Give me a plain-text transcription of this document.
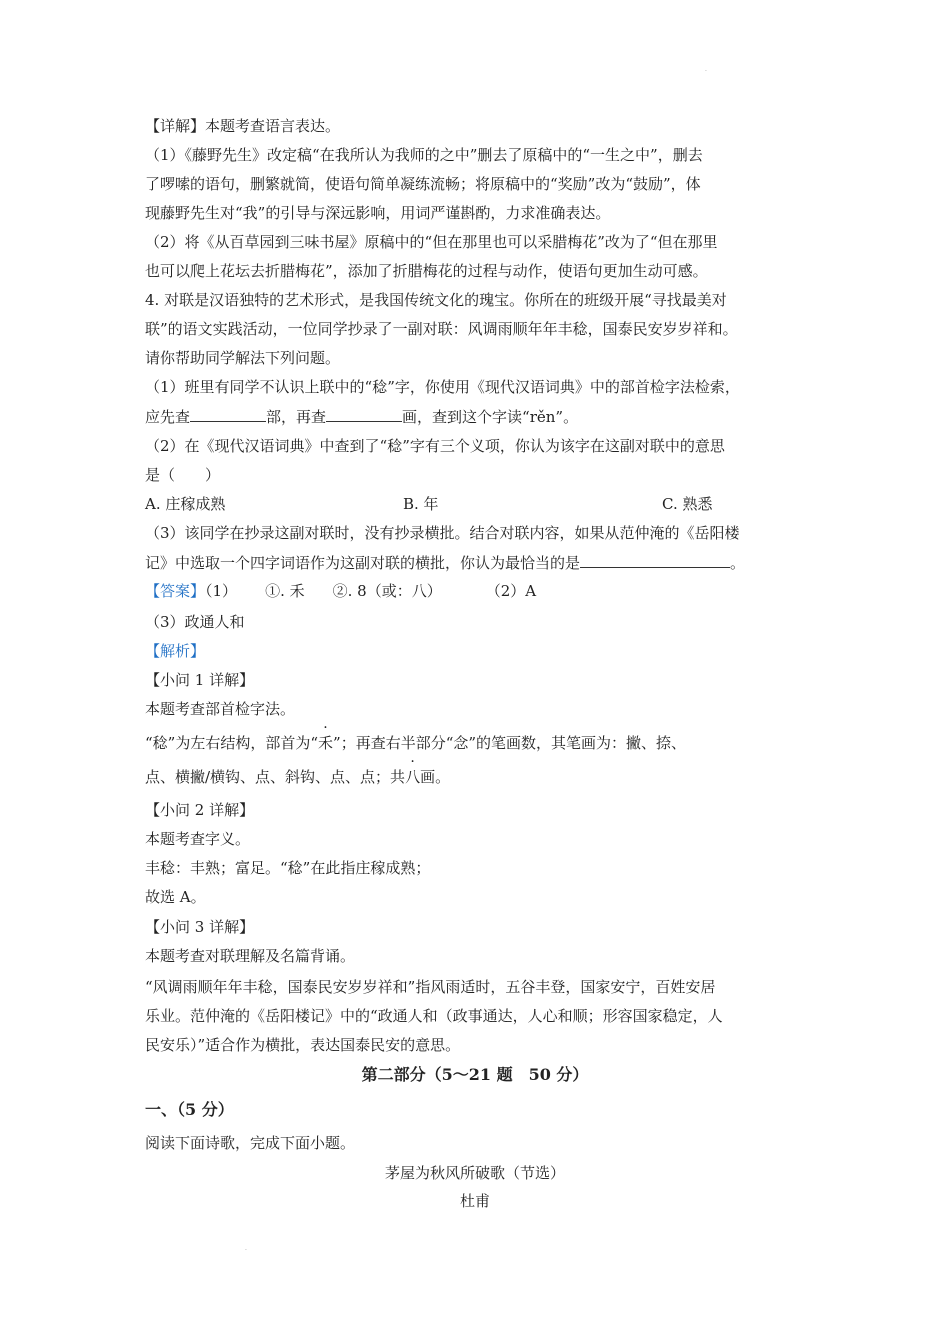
【详解】本题考查语言表达。
（1）《藤野先生》改定稿“在我所认为我师的之中”删去了原稿中的“一生之中”，删去
了啰嗦的语句，删繁就简，使语句简单凝练流畅；将原稿中的“奖励”改为“鼓励”，体
现藤野先生对“我”的引导与深远影响，用词严谨斟酌，力求准确表达。
（2）将《从百草园到三味书屋》原稿中的“但在那里也可以采腊梅花”改为了“但在那里
也可以爬上花坛去折腊梅花”，添加了折腊梅花的过程与动作，使语句更加生动可感。
4. 对联是汉语独特的艺术形式，是我国传统文化的瑰宝。你所在的班级开展“寻找最美对
联”的语文实践活动，一位同学抄录了一副对联：风调雨顺年年丰稔，国泰民安岁岁祥和。
请你帮助同学解法下列问题。
（1）班里有同学不认识上联中的“稔”字，你使用《现代汉语词典》中的部首检字法检索，
应先查	部，再查	画，查到这个字读“rěn”。
（2）在《现代汉语词典》中查到了“稔”字有三个义项，你认为该字在这副对联中的意思
是（　　）
A. 庄稼成熟	B. 年	C. 熟悉
（3）该同学在抄录这副对联时，没有抄录横批。结合对联内容，如果从范仲淹的《岳阳楼
记》中选取一个四字词语作为这副对联的横批，你认为最恰当的是	。
【答案】（1） ①. 禾 ②. 8（或：八）	（2）A
（3）政通人和
【解析】
【小问 1 详解】
本题考查部首检字法。
“稔”为左右结构，部首为“禾”；再查右半部分“念”的笔画数，其笔画为：撇、捺、
点、横撇/横钩、点、斜钩、点、点；共八画。
【小问 2 详解】
本题考查字义。
丰稔：丰熟；富足。“稔”在此指庄稼成熟；
故选 A。
【小问 3 详解】
本题考查对联理解及名篇背诵。
“风调雨顺年年丰稔，国泰民安岁岁祥和”指风雨适时，五谷丰登，国家安宁，百姓安居
乐业。范仲淹的《岳阳楼记》中的“政通人和（政事通达，人心和顺；形容国家稳定，人
民安乐）”适合作为横批，表达国泰民安的意思。
第二部分（5～21 题　50 分）
一、（5 分）
阅读下面诗歌，完成下面小题。
茅屋为秋风所破歌（节选）
杜甫
.
.
